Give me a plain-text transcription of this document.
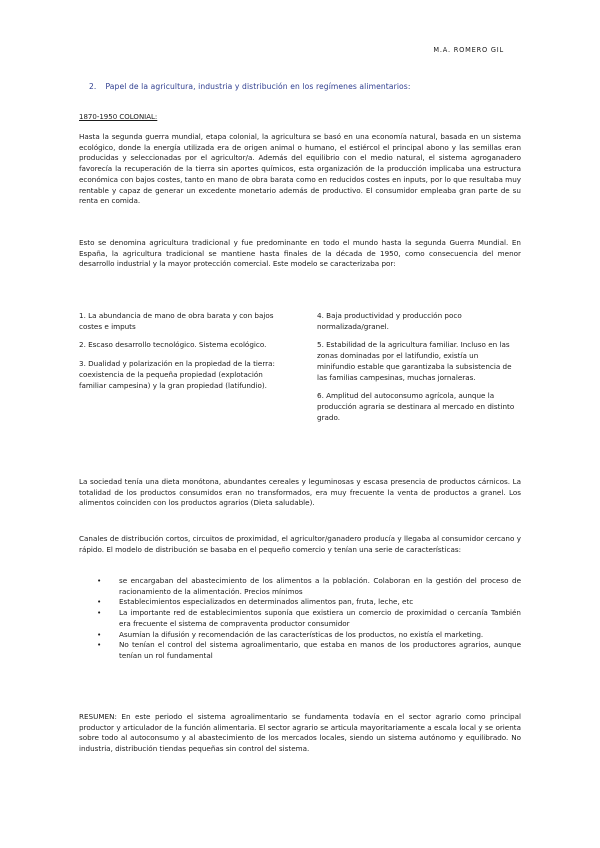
M.A. ROMERO GIL
2. Papel de la agricultura, industria y distribución en los regímenes alimentarios:
1870-1950 COLONIAL:
Hasta la segunda guerra mundial, etapa colonial, la agricultura se basó en una economía natural, basada en un sistema ecológico, donde la energía utilizada era de origen animal o humano, el estiércol el principal abono y las semillas eran producidas y seleccionadas por el agricultor/a. Además del equilibrio con el medio natural, el sistema agroganadero favorecía la recuperación de la tierra sin aportes químicos, esta organización de la producción implicaba una estructura económica con bajos costes, tanto en mano de obra barata como en reducidos costes en inputs, por lo que resultaba muy rentable y capaz de generar un excedente monetario además de productivo. El consumidor empleaba gran parte de su renta en comida.
Esto se denomina agricultura tradicional y fue predominante en todo el mundo hasta la segunda Guerra Mundial. En España, la agricultura tradicional se mantiene hasta finales de la década de 1950, como consecuencia del menor desarrollo industrial y la mayor protección comercial. Este modelo se caracterizaba por:
1. La abundancia de mano de obra barata y con bajos costes e imputs
2. Escaso desarrollo tecnológico. Sistema ecológico.
3. Dualidad y polarización en la propiedad de la tierra: coexistencia de la pequeña propiedad (explotación familiar campesina) y la gran propiedad (latifundio).
4. Baja productividad y producción poco normalizada/granel.
5. Estabilidad de la agricultura familiar. Incluso en las zonas dominadas por el latifundio, existía un minifundio estable que garantizaba la subsistencia de las familias campesinas, muchas jornaleras.
6. Amplitud del autoconsumo agrícola, aunque la producción agraria se destinara al mercado en distinto grado.
La sociedad tenía una dieta monótona, abundantes cereales y leguminosas y escasa presencia de productos cárnicos. La totalidad de los productos consumidos eran no transformados, era muy frecuente la venta de productos a granel. Los alimentos coinciden con los productos agrarios (Dieta saludable).
Canales de distribución cortos, circuitos de proximidad, el agricultor/ganadero producía y llegaba al consumidor cercano y rápido. El modelo de distribución se basaba en el pequeño comercio y tenían una serie de características:
• se encargaban del abastecimiento de los alimentos a la población. Colaboran en la gestión del proceso de racionamiento de la alimentación. Precios mínimos
• Establecimientos especializados en determinados alimentos pan, fruta, leche, etc
• La importante red de establecimientos suponía que existiera un comercio de proximidad o cercanía También era frecuente el sistema de compraventa productor consumidor
• Asumían la difusión y recomendación de las características de los productos, no existía el marketing.
• No tenían el control del sistema agroalimentario, que estaba en manos de los productores agrarios, aunque tenían un rol fundamental
RESUMEN: En este periodo el sistema agroalimentario se fundamenta todavía en el sector agrario como principal productor y articulador de la función alimentaria. El sector agrario se articula mayoritariamente a escala local y se orienta sobre todo al autoconsumo y al abastecimiento de los mercados locales, siendo un sistema autónomo y equilibrado. No industria, distribución tiendas pequeñas sin control del sistema.
